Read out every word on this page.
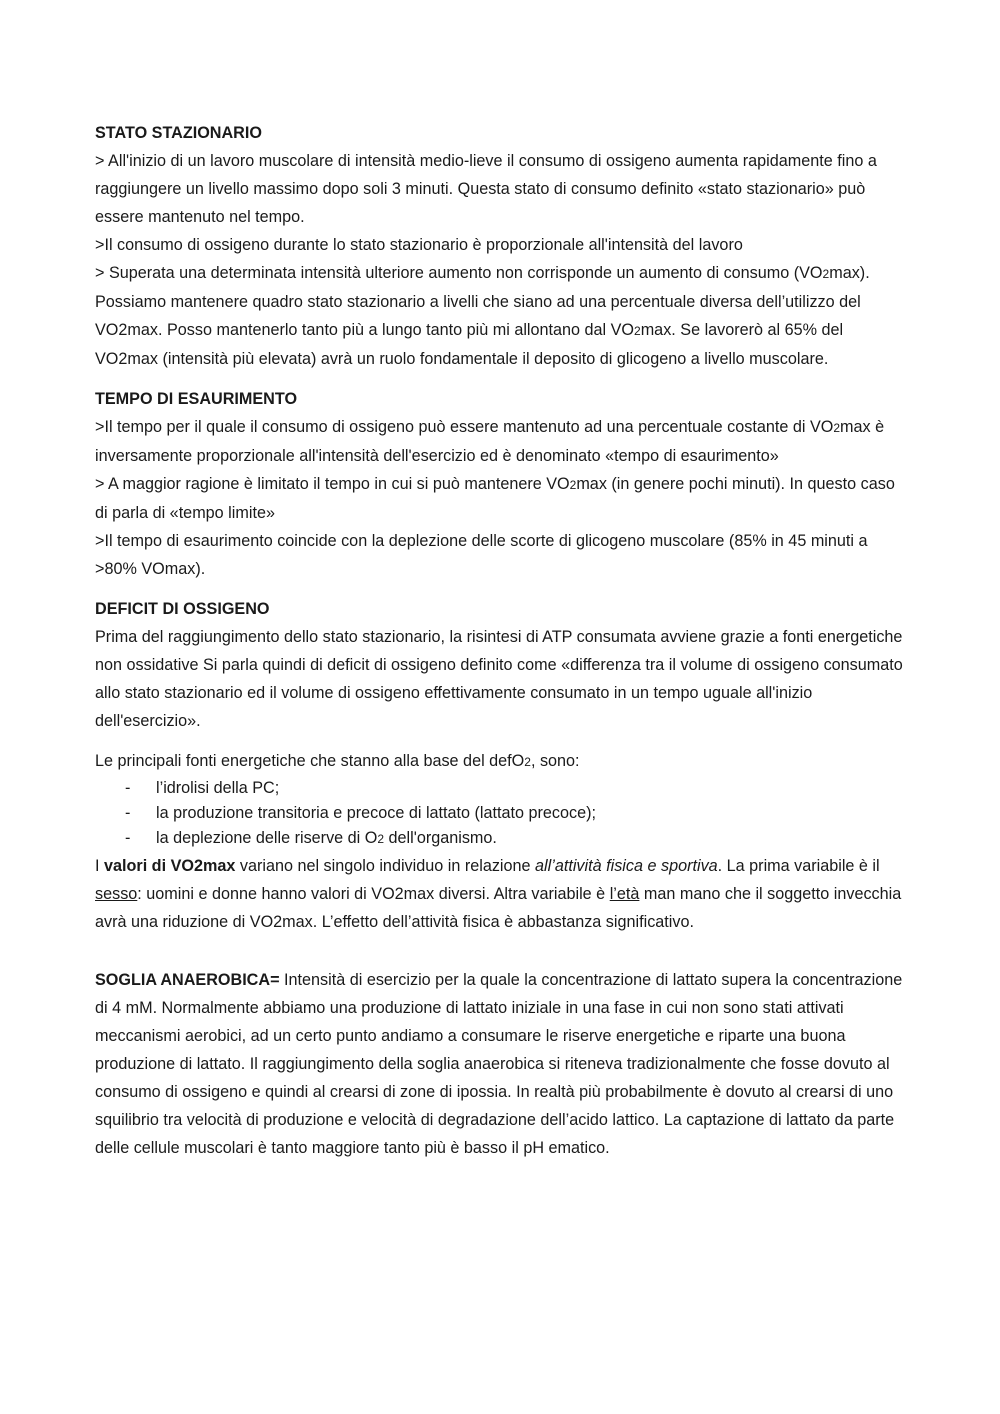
STATO STAZIONARIO

> All'inizio di un lavoro muscolare di intensità medio-lieve il consumo di ossigeno aumenta rapidamente fino a raggiungere un livello massimo dopo soli 3 minuti. Questa stato di consumo definito «stato stazionario» può essere mantenuto nel tempo.

>Il consumo di ossigeno durante lo stato stazionario è proporzionale all'intensità del lavoro

> Superata una determinata intensità ulteriore aumento non corrisponde un aumento di consumo (VO2max). Possiamo mantenere quadro stato stazionario a livelli che siano ad una percentuale diversa dell’utilizzo del VO2max. Posso mantenerlo tanto più a lungo tanto più mi allontano dal VO2max. Se lavorerò al 65% del VO2max (intensità più elevata) avrà un ruolo fondamentale il deposito di glicogeno a livello muscolare.

TEMPO DI ESAURIMENTO

>Il tempo per il quale il consumo di ossigeno può essere mantenuto ad una percentuale costante di VO2max è inversamente proporzionale all'intensità dell'esercizio ed è denominato «tempo di esaurimento»

> A maggior ragione è limitato il tempo in cui si può mantenere VO2max (in genere pochi minuti). In questo caso di parla di «tempo limite»

>Il tempo di esaurimento coincide con la deplezione delle scorte di glicogeno muscolare (85% in 45 minuti a >80% VOmax).

DEFICIT DI OSSIGENO

Prima del raggiungimento dello stato stazionario, la risintesi di ATP consumata avviene grazie a fonti energetiche non ossidative Si parla quindi di deficit di ossigeno definito come «differenza tra il volume di ossigeno consumato allo stato stazionario ed il volume di ossigeno effettivamente consumato in un tempo uguale all'inizio dell'esercizio».

Le principali fonti energetiche che stanno alla base del defO2, sono:

- l’idrolisi della PC;
- la produzione transitoria e precoce di lattato (lattato precoce);
- la deplezione delle riserve di O2 dell'organismo.

I valori di VO2max variano nel singolo individuo in relazione all’attività fisica e sportiva. La prima variabile è il sesso: uomini e donne hanno valori di VO2max diversi. Altra variabile è l’età man mano che il soggetto invecchia avrà una riduzione di VO2max. L’effetto dell’attività fisica è abbastanza significativo.

SOGLIA ANAEROBICA= Intensità di esercizio per la quale la concentrazione di lattato supera la concentrazione di 4 mM. Normalmente abbiamo una produzione di lattato iniziale in una fase in cui non sono stati attivati meccanismi aerobici, ad un certo punto andiamo a consumare le riserve energetiche e riparte una buona produzione di lattato. Il raggiungimento della soglia anaerobica si riteneva tradizionalmente che fosse dovuto al consumo di ossigeno e quindi al crearsi di zone di ipossia. In realtà più probabilmente è dovuto al crearsi di uno squilibrio tra velocità di produzione e velocità di degradazione dell’acido lattico. La captazione di lattato da parte delle cellule muscolari è tanto maggiore tanto più è basso il pH ematico.
